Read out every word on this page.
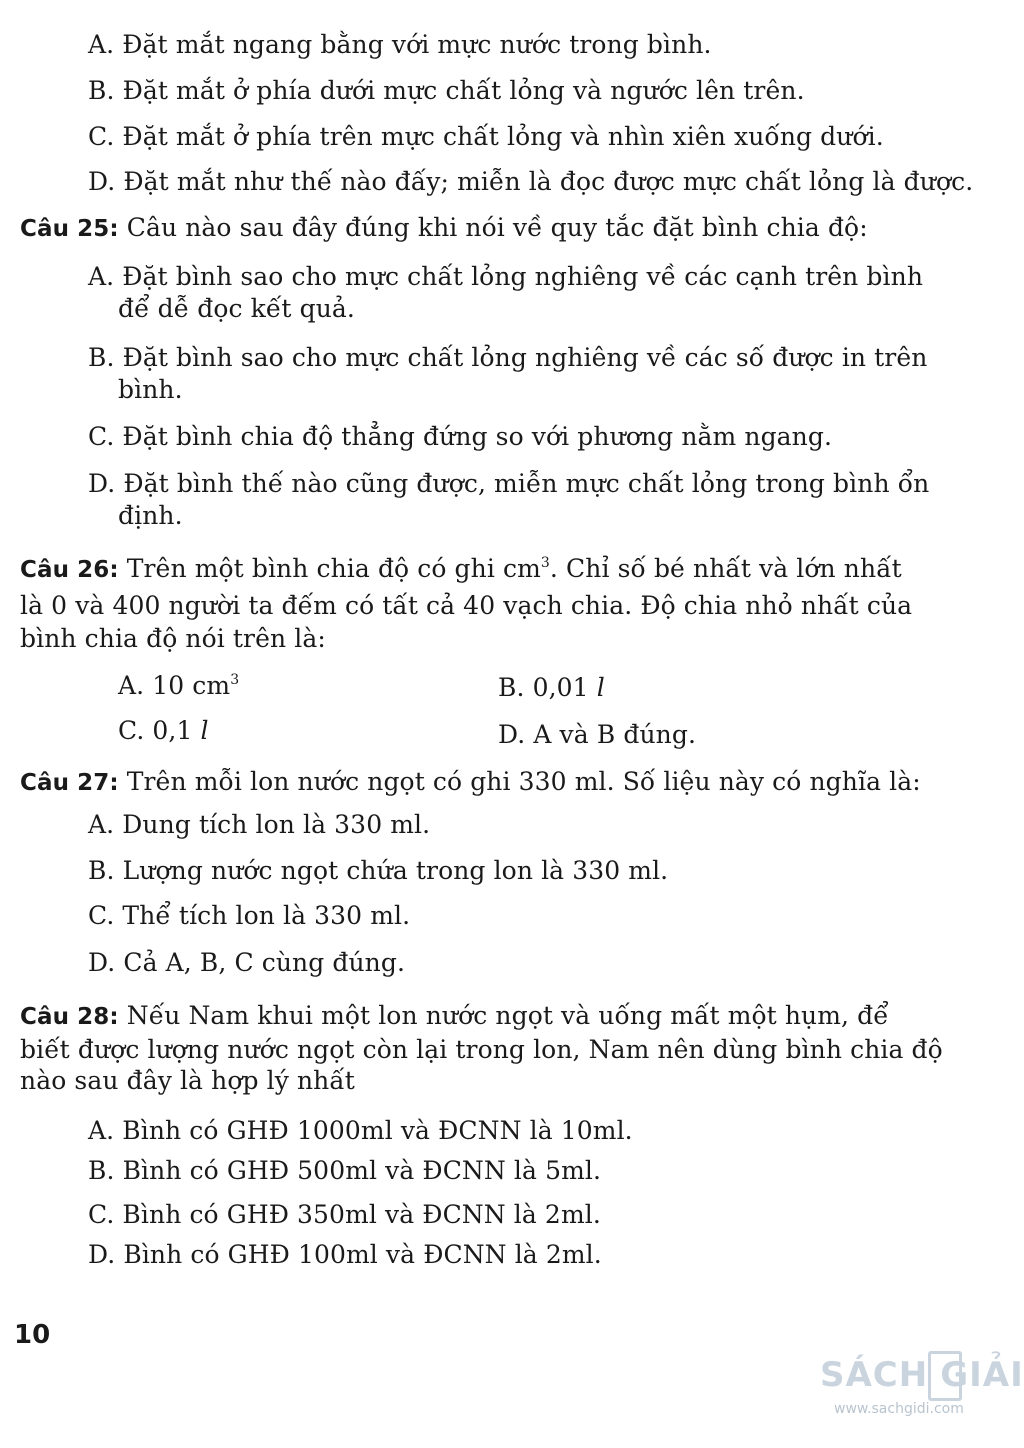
A. Đặt mắt ngang bằng với mực nước trong bình.
B. Đặt mắt ở phía dưới mực chất lỏng và ngước lên trên.
C. Đặt mắt ở phía trên mực chất lỏng và nhìn xiên xuống dưới.
D. Đặt mắt như thế nào đấy; miễn là đọc được mực chất lỏng là được.
Câu 25: Câu nào sau đây đúng khi nói về quy tắc đặt bình chia độ:
A. Đặt bình sao cho mực chất lỏng nghiêng về các cạnh trên bình
để dễ đọc kết quả.
B. Đặt bình sao cho mực chất lỏng nghiêng về các số được in trên
bình.
C. Đặt bình chia độ thẳng đứng so với phương nằm ngang.
D. Đặt bình thế nào cũng được, miễn mực chất lỏng trong bình ổn
định.
Câu 26: Trên một bình chia độ có ghi $cm^3$. Chỉ số bé nhất và lớn nhất
là 0 và 400 người ta đếm có tất cả 40 vạch chia. Độ chia nhỏ nhất của
bình chia độ nói trên là:
A. 10 $cm^3$	B. 0,01 l
C. 0,1 l	D. A và B đúng.
Câu 27: Trên mỗi lon nước ngọt có ghi 330 ml. Số liệu này có nghĩa là:
A. Dung tích lon là 330 ml.
B. Lượng nước ngọt chứa trong lon là 330 ml.
C. Thể tích lon là 330 ml.
D. Cả A, B, C cùng đúng.
Câu 28: Nếu Nam khui một lon nước ngọt và uống mất một hụm, để
biết được lượng nước ngọt còn lại trong lon, Nam nên dùng bình chia độ
nào sau đây là hợp lý nhất
A. Bình có GHĐ 1000ml và ĐCNN là 10ml.
B. Bình có GHĐ 500ml và ĐCNN là 5ml.
C. Bình có GHĐ 350ml và ĐCNN là 2ml.
D. Bình có GHĐ 100ml và ĐCNN là 2ml.
10
SÁCH GIẢI
www.sachgidi.com
